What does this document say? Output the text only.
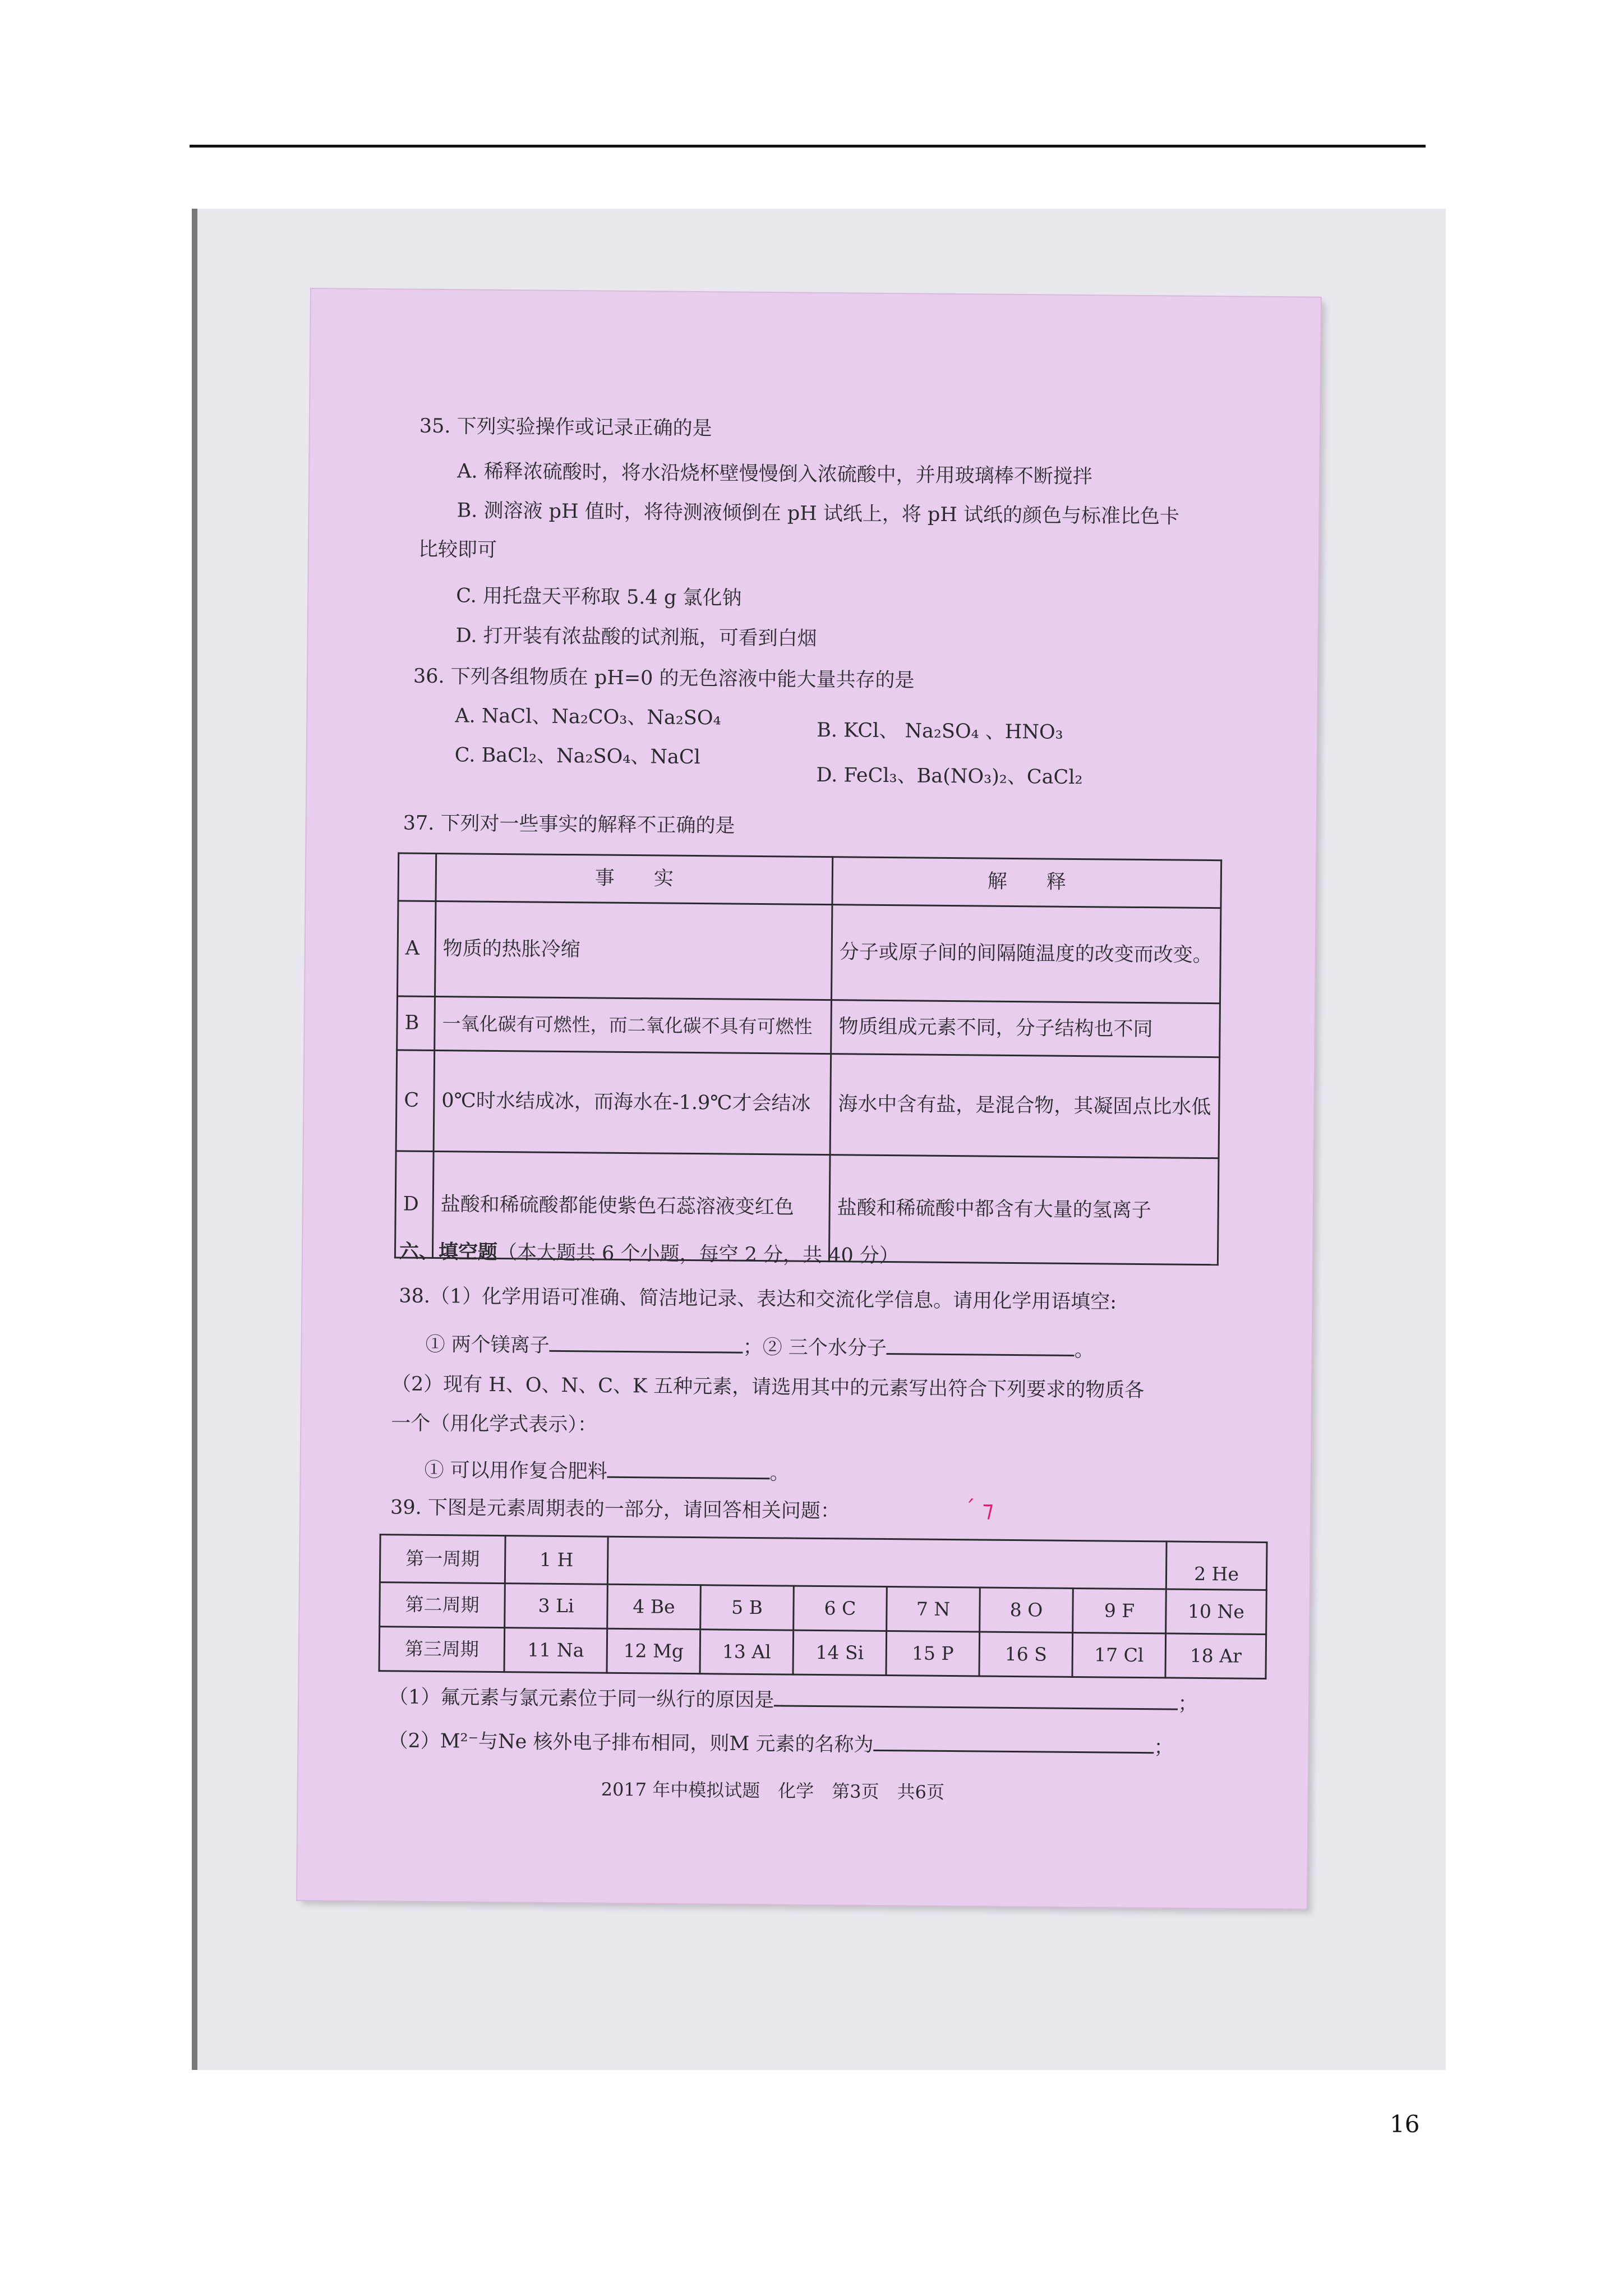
35. 下列实验操作或记录正确的是
A. 稀释浓硫酸时，将水沿烧杯壁慢慢倒入浓硫酸中，并用玻璃棒不断搅拌
B. 测溶液 pH 值时，将待测液倾倒在 pH 试纸上，将 pH 试纸的颜色与标准比色卡
比较即可
C. 用托盘天平称取 5.4 g 氯化钠
D. 打开装有浓盐酸的试剂瓶，可看到白烟
36. 下列各组物质在 pH=0 的无色溶液中能大量共存的是
A. NaCl、Na₂CO₃、Na₂SO₄
B. KCl、 Na₂SO₄ 、HNO₃
C. BaCl₂、Na₂SO₄、NaCl
D. FeCl₃、Ba(NO₃)₂、CaCl₂
37. 下列对一些事实的解释不正确的是
	事　　实	解　　释
A	物质的热胀冷缩	分子或原子间的间隔随温度的改变而改变。
B	一氧化碳有可燃性，而二氧化碳不具有可燃性	物质组成元素不同，分子结构也不同
C	0℃时水结成冰，而海水在-1.9℃才会结冰	海水中含有盐，是混合物，其凝固点比水低
D	盐酸和稀硫酸都能使紫色石蕊溶液变红色	盐酸和稀硫酸中都含有大量的氢离子
六、填空题（本大题共 6 个小题，每空 2 分，共 40 分）
38.（1）化学用语可准确、简洁地记录、表达和交流化学信息。请用化学用语填空:
① 两个镁离子	；② 三个水分子	。
（2）现有 H、O、N、C、K 五种元素，请选用其中的元素写出符合下列要求的物质各
一个（用化学式表示）：
① 可以用作复合肥料	。
39. 下图是元素周期表的一部分，请回答相关问题：	ˊ ⁊
第一周期	1 H							2 He
第二周期	3 Li	4 Be	5 B	6 C	7 N	8 O	9 F	10 Ne
第三周期	11 Na	12 Mg	13 Al	14 Si	15 P	16 S	17 Cl	18 Ar
（1）氟元素与氯元素位于同一纵行的原因是	；
（2）M²⁻与Ne 核外电子排布相同，则M 元素的名称为	；
2017 年中模拟试题　化学　第3页　共6页
16
